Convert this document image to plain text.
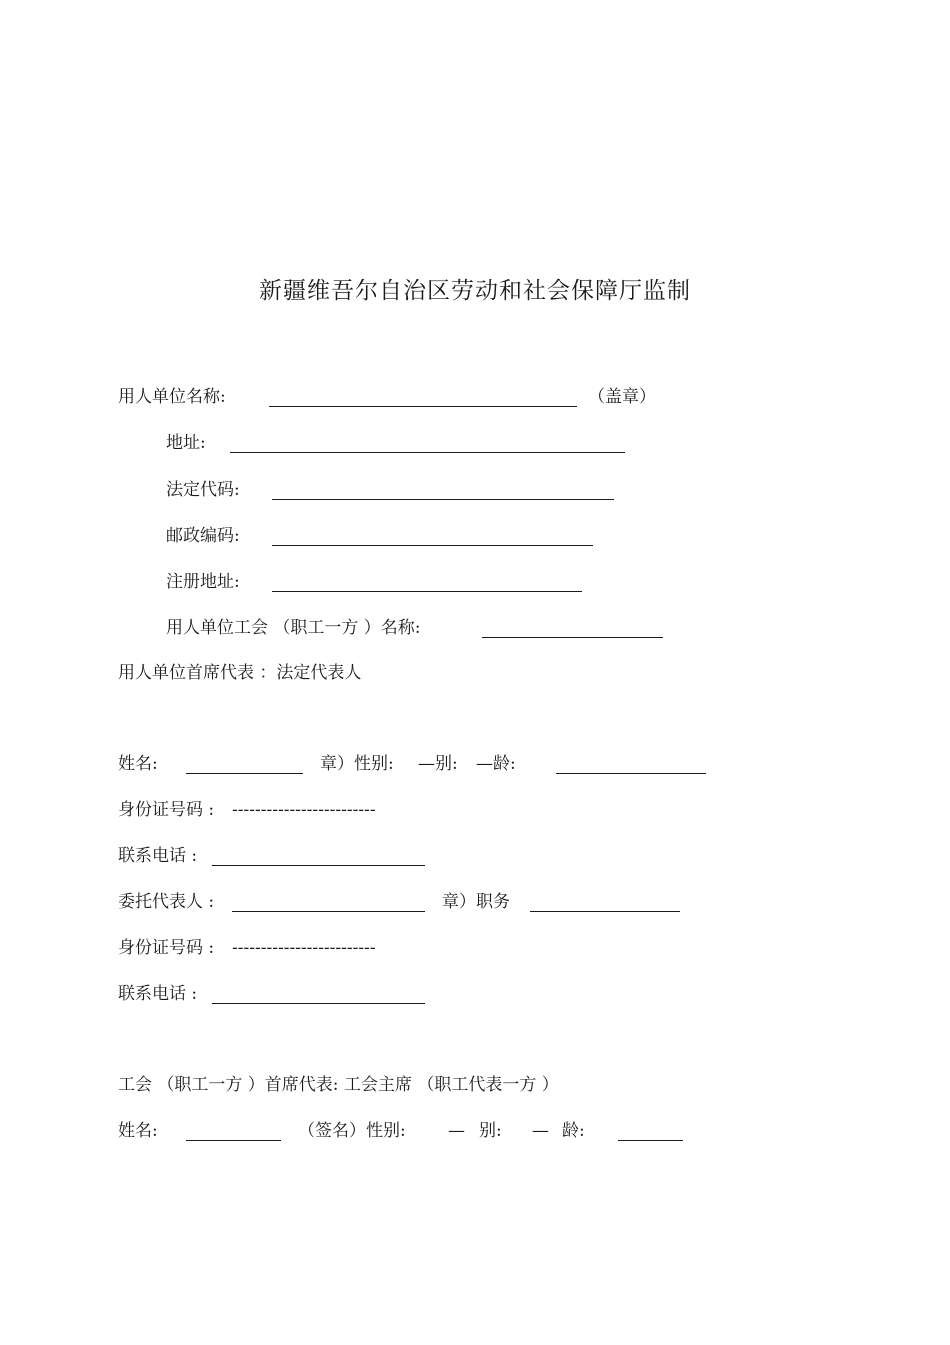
新疆维吾尔自治区劳动和社会保障厅监制
用人单位名称:	（盖章）
地址:
法定代码:
邮政编码:
注册地址:
用人单位工会 （职工一方 ）名称:
用人单位首席代表 ：法定代表人
姓名:	章）性别: —别: —龄:
身份证号码 : -------------------------
联系电话 :
委托代表人 :	章）职务
身份证号码 : -------------------------
联系电话 :
工会 （职工一方 ）首席代表: 工会主席 （职工代表一方 ）
姓名:	（签名）性别: — 别: — 龄:
